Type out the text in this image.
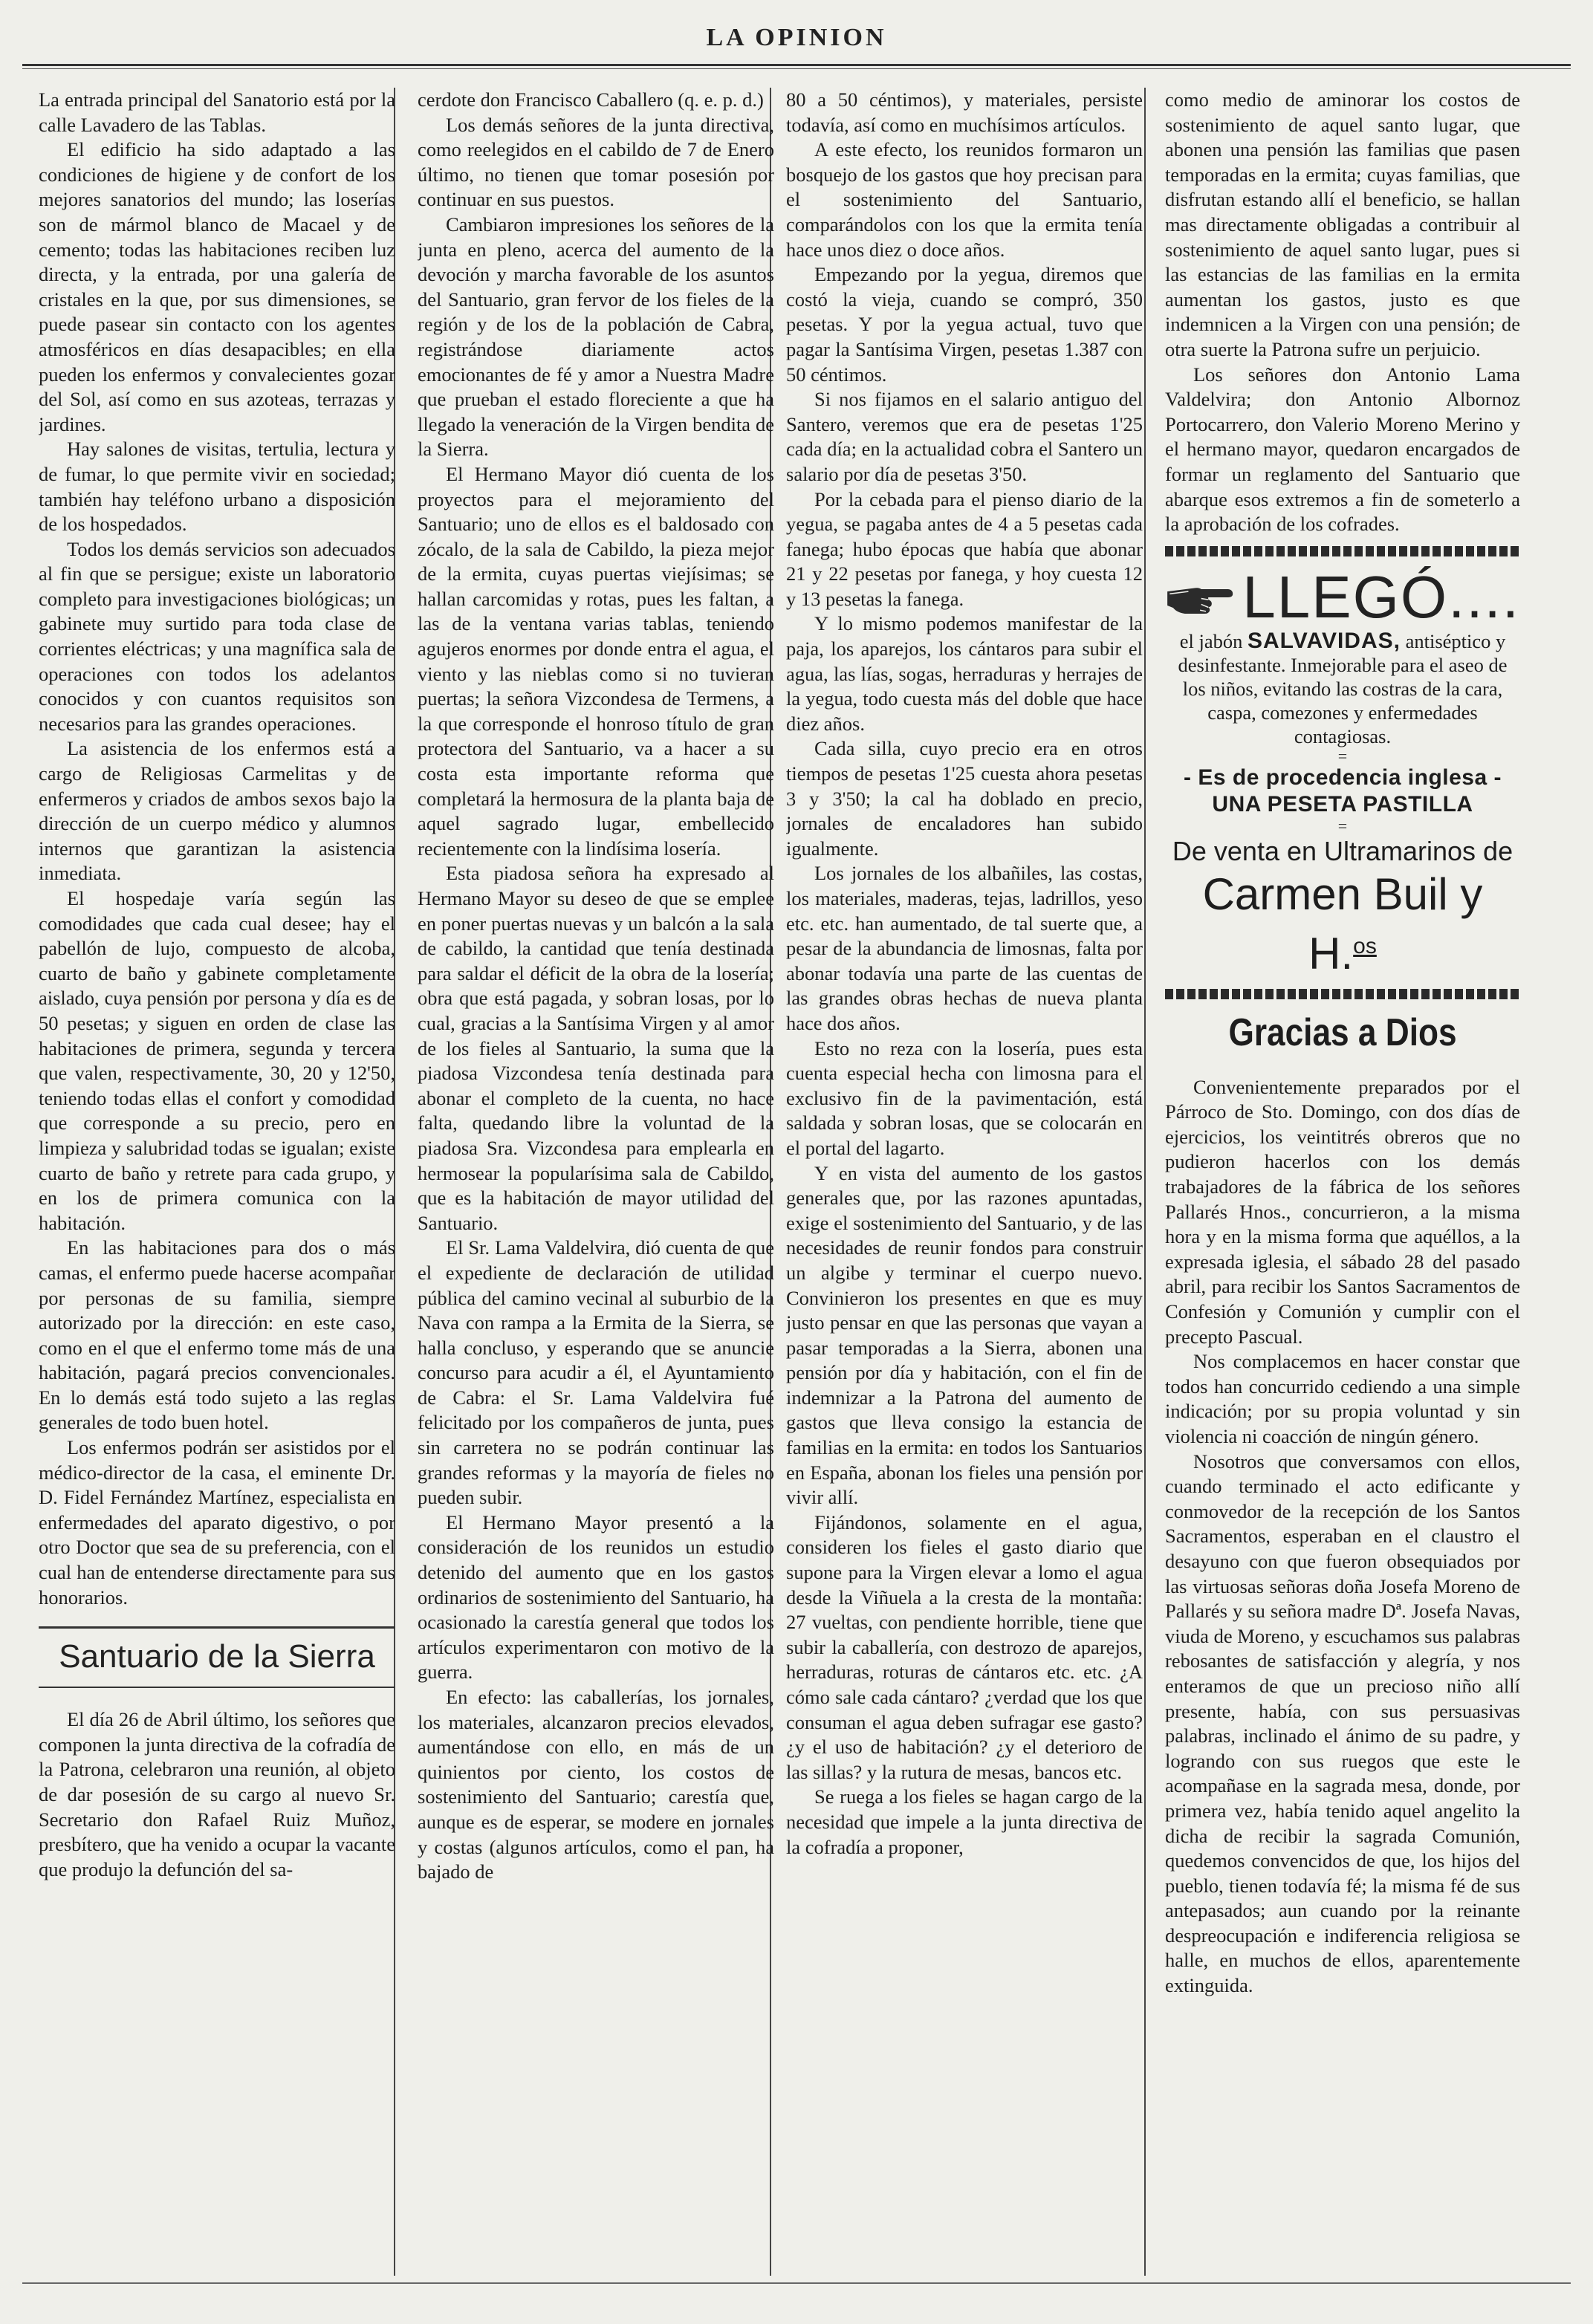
LA OPINION

La entrada principal del Sanatorio está por la calle Lavadero de las Tablas.

El edificio ha sido adaptado a las condiciones de higiene y de confort de los mejores sanatorios del mundo; las loserías son de mármol blanco de Macael y de cemento; todas las habitaciones reciben luz directa, y la entrada, por una galería de cristales en la que, por sus dimensiones, se puede pasear sin contacto con los agentes atmosféricos en días desapacibles; en ella pueden los enfermos y convalecientes gozar del Sol, así como en sus azoteas, terrazas y jardines.

Hay salones de visitas, tertulia, lectura y de fumar, lo que permite vivir en sociedad; también hay teléfono urbano a disposición de los hospedados.

Todos los demás servicios son adecuados al fin que se persigue; existe un laboratorio completo para investigaciones biológicas; un gabinete muy surtido para toda clase de corrientes eléctricas; y una magnífica sala de operaciones con todos los adelantos conocidos y con cuantos requisitos son necesarios para las grandes operaciones.

La asistencia de los enfermos está a cargo de Religiosas Carmelitas y de enfermeros y criados de ambos sexos bajo la dirección de un cuerpo médico y alumnos internos que garantizan la asistencia inmediata.

El hospedaje varía según las comodidades que cada cual desee; hay el pabellón de lujo, compuesto de alcoba, cuarto de baño y gabinete completamente aislado, cuya pensión por persona y día es de 50 pesetas; y siguen en orden de clase las habitaciones de primera, segunda y tercera que valen, respectivamente, 30, 20 y 12'50, teniendo todas ellas el confort y comodidad que corresponde a su precio, pero en limpieza y salubridad todas se igualan; existe cuarto de baño y retrete para cada grupo, y en los de primera comunica con la habitación.

En las habitaciones para dos o más camas, el enfermo puede hacerse acompañar por personas de su familia, siempre autorizado por la dirección: en este caso, como en el que el enfermo tome más de una habitación, pagará precios convencionales. En lo demás está todo sujeto a las reglas generales de todo buen hotel.

Los enfermos podrán ser asistidos por el médico-director de la casa, el eminente Dr. D. Fidel Fernández Martínez, especialista en enfermedades del aparato digestivo, o por otro Doctor que sea de su preferencia, con el cual han de entenderse directamente para sus honorarios.

Santuario de la Sierra

El día 26 de Abril último, los señores que componen la junta directiva de la cofradía de la Patrona, celebraron una reunión, al objeto de dar posesión de su cargo al nuevo Sr. Secretario don Rafael Ruiz Muñoz, presbítero, que ha venido a ocupar la vacante que produjo la defunción del sa-

cerdote don Francisco Caballero (q. e. p. d.)

Los demás señores de la junta directiva, como reelegidos en el cabildo de 7 de Enero último, no tienen que tomar posesión por continuar en sus puestos.

Cambiaron impresiones los señores de la junta en pleno, acerca del aumento de la devoción y marcha favorable de los asuntos del Santuario, gran fervor de los fieles de la región y de los de la población de Cabra, registrándose diariamente actos emocionantes de fé y amor a Nuestra Madre que prueban el estado floreciente a que ha llegado la veneración de la Virgen bendita de la Sierra.

El Hermano Mayor dió cuenta de los proyectos para el mejoramiento del Santuario; uno de ellos es el baldosado con zócalo, de la sala de Cabildo, la pieza mejor de la ermita, cuyas puertas viejísimas; se hallan carcomidas y rotas, pues les faltan, a las de la ventana varias tablas, teniendo agujeros enormes por donde entra el agua, el viento y las nieblas como si no tuvieran puertas; la señora Vizcondesa de Termens, a la que corresponde el honroso título de gran protectora del Santuario, va a hacer a su costa esta importante reforma que completará la hermosura de la planta baja de aquel sagrado lugar, embellecido recientemente con la lindísima losería.

Esta piadosa señora ha expresado al Hermano Mayor su deseo de que se emplee en poner puertas nuevas y un balcón a la sala de cabildo, la cantidad que tenía destinada para saldar el déficit de la obra de la losería; obra que está pagada, y sobran losas, por lo cual, gracias a la Santísima Virgen y al amor de los fieles al Santuario, la suma que la piadosa Vizcondesa tenía destinada para abonar el completo de la cuenta, no hace falta, quedando libre la voluntad de la piadosa Sra. Vizcondesa para emplearla en hermosear la popularísima sala de Cabildo, que es la habitación de mayor utilidad del Santuario.

El Sr. Lama Valdelvira, dió cuenta de que el expediente de declaración de utilidad pública del camino vecinal al suburbio de la Nava con rampa a la Ermita de la Sierra, se halla concluso, y esperando que se anuncie concurso para acudir a él, el Ayuntamiento de Cabra: el Sr. Lama Valdelvira fué felicitado por los compañeros de junta, pues sin carretera no se podrán continuar las grandes reformas y la mayoría de fieles no pueden subir.

El Hermano Mayor presentó a la consideración de los reunidos un estudio detenido del aumento que en los gastos ordinarios de sostenimiento del Santuario, ha ocasionado la carestía general que todos los artículos experimentaron con motivo de la guerra.

En efecto: las caballerías, los jornales, los materiales, alcanzaron precios elevados, aumentándose con ello, en más de un quinientos por ciento, los costos de sostenimiento del Santuario; carestía que, aunque es de esperar, se modere en jornales y costas (algunos artículos, como el pan, ha bajado de

80 a 50 céntimos), y materiales, persiste todavía, así como en muchísimos artículos.

A este efecto, los reunidos formaron un bosquejo de los gastos que hoy precisan para el sostenimiento del Santuario, comparándolos con los que la ermita tenía hace unos diez o doce años.

Empezando por la yegua, diremos que costó la vieja, cuando se compró, 350 pesetas. Y por la yegua actual, tuvo que pagar la Santísima Virgen, pesetas 1.387 con 50 céntimos.

Si nos fijamos en el salario antiguo del Santero, veremos que era de pesetas 1'25 cada día; en la actualidad cobra el Santero un salario por día de pesetas 3'50.

Por la cebada para el pienso diario de la yegua, se pagaba antes de 4 a 5 pesetas cada fanega; hubo épocas que había que abonar 21 y 22 pesetas por fanega, y hoy cuesta 12 y 13 pesetas la fanega.

Y lo mismo podemos manifestar de la paja, los aparejos, los cántaros para subir el agua, las lías, sogas, herraduras y herrajes de la yegua, todo cuesta más del doble que hace diez años.

Cada silla, cuyo precio era en otros tiempos de pesetas 1'25 cuesta ahora pesetas 3 y 3'50; la cal ha doblado en precio, jornales de encaladores han subido igualmente.

Los jornales de los albañiles, las costas, los materiales, maderas, tejas, ladrillos, yeso etc. etc. han aumentado, de tal suerte que, a pesar de la abundancia de limosnas, falta por abonar todavía una parte de las cuentas de las grandes obras hechas de nueva planta hace dos años.

Esto no reza con la losería, pues esta cuenta especial hecha con limosna para el exclusivo fin de la pavimentación, está saldada y sobran losas, que se colocarán en el portal del lagarto.

Y en vista del aumento de los gastos generales que, por las razones apuntadas, exige el sostenimiento del Santuario, y de las necesidades de reunir fondos para construir un algibe y terminar el cuerpo nuevo. Convinieron los presentes en que es muy justo pensar en que las personas que vayan a pasar temporadas a la Sierra, abonen una pensión por día y habitación, con el fin de indemnizar a la Patrona del aumento de gastos que lleva consigo la estancia de familias en la ermita: en todos los Santuarios en España, abonan los fieles una pensión por vivir allí.

Fijándonos, solamente en el agua, consideren los fieles el gasto diario que supone para la Virgen elevar a lomo el agua desde la Viñuela a la cresta de la montaña: 27 vueltas, con pendiente horrible, tiene que subir la caballería, con destrozo de aparejos, herraduras, roturas de cántaros etc. etc. ¿A cómo sale cada cántaro? ¿verdad que los que consuman el agua deben sufragar ese gasto? ¿y el uso de habitación? ¿y el deterioro de las sillas? y la rutura de mesas, bancos etc.

Se ruega a los fieles se hagan cargo de la necesidad que impele a la junta directiva de la cofradía a proponer,

como medio de aminorar los costos de sostenimiento de aquel santo lugar, que abonen una pensión las familias que pasen temporadas en la ermita; cuyas familias, que disfrutan estando allí el beneficio, se hallan mas directamente obligadas a contribuir al sostenimiento de aquel santo lugar, pues si las estancias de las familias en la ermita aumentan los gastos, justo es que indemnicen a la Virgen con una pensión; de otra suerte la Patrona sufre un perjuicio.

Los señores don Antonio Lama Valdelvira; don Antonio Albornoz Portocarrero, don Valerio Moreno Merino y el hermano mayor, quedaron encargados de formar un reglamento del Santuario que abarque esos extremos a fin de someterlo a la aprobación de los cofrades.

LLEGÓ....
el jabón SALVAVIDAS, antiséptico y desinfestante. Inmejorable para el aseo de los niños, evitando las costras de la cara, caspa, comezones y enfermedades contagiosas.
=
- Es de procedencia inglesa -
UNA PESETA PASTILLA
=
De venta en Ultramarinos de
Carmen Buil y H.$^{os}$
Gracias a Dios

Convenientemente preparados por el Párroco de Sto. Domingo, con dos días de ejercicios, los veintitrés obreros que no pudieron hacerlos con los demás trabajadores de la fábrica de los señores Pallarés Hnos., concurrieron, a la misma hora y en la misma forma que aquéllos, a la expresada iglesia, el sábado 28 del pasado abril, para recibir los Santos Sacramentos de Confesión y Comunión y cumplir con el precepto Pascual.

Nos complacemos en hacer constar que todos han concurrido cediendo a una simple indicación; por su propia voluntad y sin violencia ni coacción de ningún género.

Nosotros que conversamos con ellos, cuando terminado el acto edificante y conmovedor de la recepción de los Santos Sacramentos, esperaban en el claustro el desayuno con que fueron obsequiados por las virtuosas señoras doña Josefa Moreno de Pallarés y su señora madre Dª. Josefa Navas, viuda de Moreno, y escuchamos sus palabras rebosantes de satisfacción y alegría, y nos enteramos de que un precioso niño allí presente, había, con sus persuasivas palabras, inclinado el ánimo de su padre, y logrando con sus ruegos que este le acompañase en la sagrada mesa, donde, por primera vez, había tenido aquel angelito la dicha de recibir la sagrada Comunión, quedemos convencidos de que, los hijos del pueblo, tienen todavía fé; la misma fé de sus antepasados; aun cuando por la reinante despreocupación e indiferencia religiosa se halle, en muchos de ellos, aparentemente extinguida.
